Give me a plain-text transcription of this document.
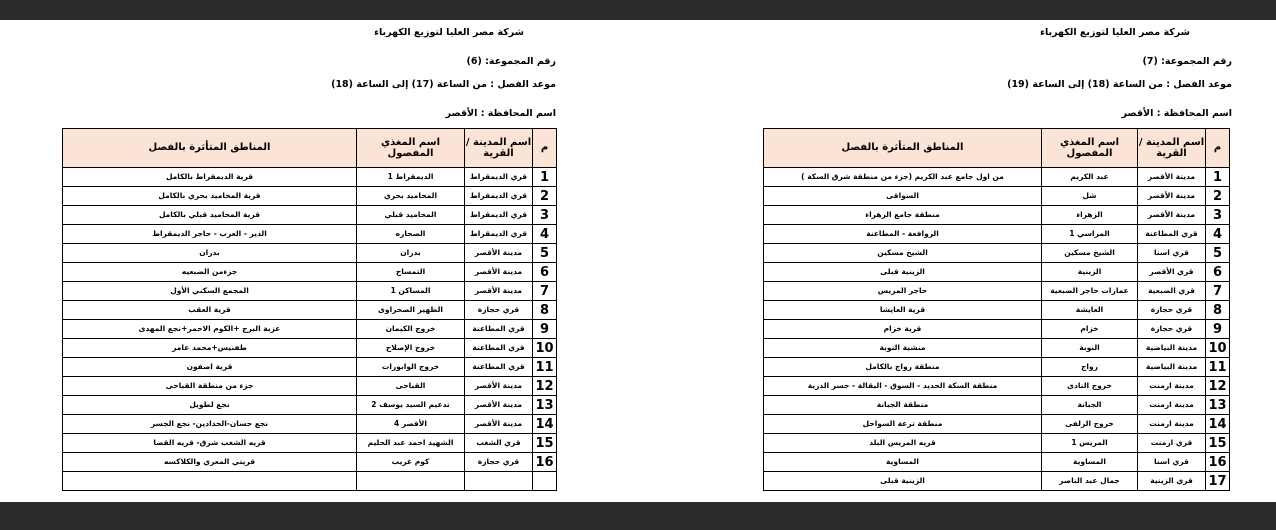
شركة مصر العليا لتوزيع الكهرباء
رقم المجموعة: (6)
موعد الفصل : من الساعة (17) إلى الساعة (18)
اسم المحافظة : الأقصر
م	اسم المدينة / القرية	اسم المغذي المفصول	المناطق المتأثرة بالفصل
1	قري الديمقراط	الديمقراط 1	قرية الديمقراط بالكامل
2	قري الديمقراط	المحاميد بحري	قرية المحاميد بحري بالكامل
3	قري الديمقراط	المحاميد قبلي	قرية المحاميد قبلي بالكامل
4	قري الديمقراط	الصحاره	الدير - العرب - حاجر الديمقراط
5	مدينة الأقصر	بدران	بدران
6	مدينة الأقصر	التمساح	جزءمن الضبعيه
7	مدينة الأقصر	المساكن 1	المجمع السكني الأول
8	قري حجازة	الظهير الصحراوى	قرية العقب
9	قري المطاعنة	خروج الكيمان	عزبة البرج +الكوم الاحمر+نجع المهدى
10	قري المطاعنة	خروج الإصلاح	طفنيس+محمد عامر
11	قري المطاعنة	خروج الوابورات	قرية اصفون
12	مدينة الأقصر	القباحى	جزء من منطقة القباحى
13	مدينة الأقصر	تدعيم السيد يوسف 2	نجع لطويل
14	مدينة الأقصر	الأقصر 4	نجع حسان-الحدادين- نجع الجسر
15	قري الشغب	الشهيد احمد عبد الحليم	قريه الشغب شرق- قريه القضا
16	قري حجازة	كوم غريب	قريتي المعري والكلاكسه

شركة مصر العليا لتوزيع الكهرباء
رقم المجموعة: (7)
موعد الفصل : من الساعة (18) إلى الساعة (19)
اسم المحافظة : الأقصر
م	اسم المدينة / القرية	اسم المغذي المفصول	المناطق المتأثرة بالفصل
1	مدينة الأقصر	عبد الكريم	من اول جامع عبد الكريم (جزء من منطقة شرق السكة )
2	مدينة الأقصر	شل	السواقى
3	مدينة الأقصر	الزهراء	منطقة جامع الزهراء
4	قري المطاعنة	المراسي 1	الروافعة - المطاعنة
5	قري اسنا	الشيخ مسكين	الشيخ مسكين
6	قري الأقصر	الزينية	الزينية قبلى
7	قري الضبعية	عمارات حاجر الضبعية	حاجر المريس
8	قري حجازة	العايشة	قرية العايشا
9	قري حجازة	خزام	قرية خزام
10	مدينة البياضية	النوبة	منشية النوبة
11	مدينة البياضية	رواج	منطقة رواج بالكامل
12	مدينة ارمنت	خروج النادى	منطقة السكة الحديد - السوق - البقالة - جسر الدرية
13	مدينة ارمنت	الجبانة	منطقة الجبانة
14	مدينة ارمنت	خروج الزلفى	منطقة ترعة السواحل
15	قري ارمنت	المريس 1	قريه المريس البلد
16	قري اسنا	المساوية	المساوية
17	قري الزينية	جمال عبد الناصر	الزينية قبلى
